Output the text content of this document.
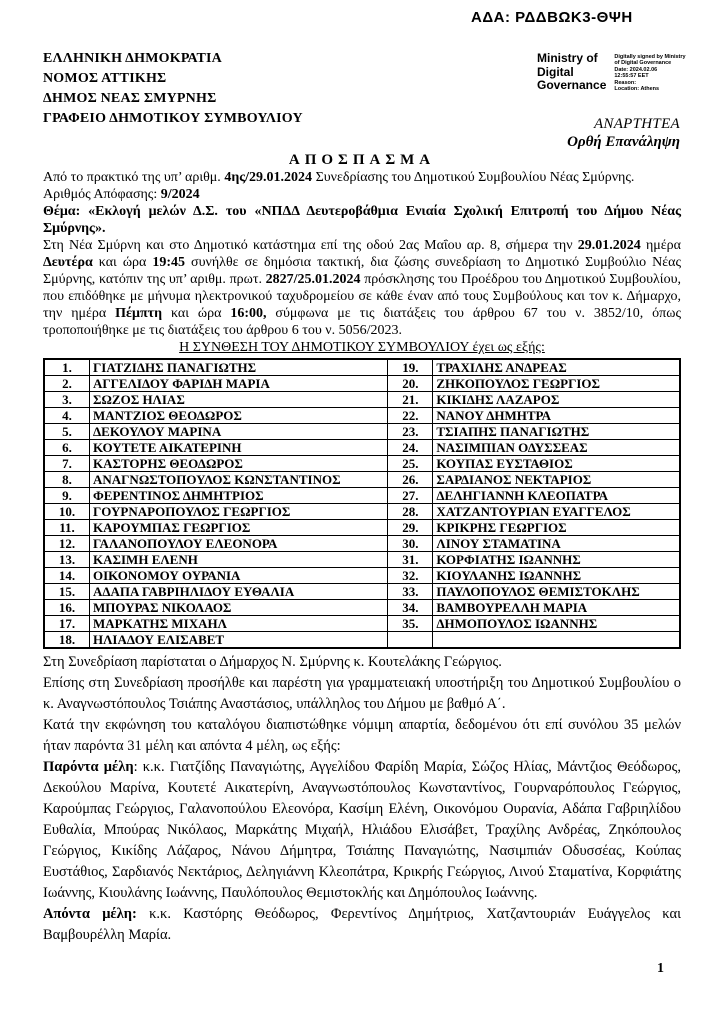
ΑΔΑ: ΡΔΔΒΩΚ3-ΘΨΗ
ΕΛΛΗΝΙΚΗ ΔΗΜΟΚΡΑΤΙΑ
ΝΟΜΟΣ ΑΤΤΙΚΗΣ
ΔΗΜΟΣ ΝΕΑΣ ΣΜΥΡΝΗΣ
ΓΡΑΦΕΙΟ ΔΗΜΟΤΙΚΟΥ ΣΥΜΒΟΥΛΙΟΥ
Ministry of
Digital
Governance
Digitally signed by Ministry
of Digital Governance
Date: 2024.02.06
12:55:57 EET
Reason:
Location: Athens
ΑΝΑΡΤΗΤΕΑ
Ορθή Επανάληψη

ΑΠΟΣΠΑΣΜΑ

Από το πρακτικό της υπ’ αριθμ. 4ης/29.01.2024 Συνεδρίασης του Δημοτικού Συμβουλίου Νέας Σμύρνης.

Αριθμός Απόφασης: 9/2024

Θέμα: «Εκλογή μελών Δ.Σ. του «ΝΠΔΔ Δευτεροβάθμια Ενιαία Σχολική Επιτροπή του Δήμου Νέας Σμύρνης».

Στη Νέα Σμύρνη και στο Δημοτικό κατάστημα επί της οδού 2ας Μαΐου αρ. 8, σήμερα την 29.01.2024 ημέρα Δευτέρα και ώρα 19:45 συνήλθε σε δημόσια τακτική, δια ζώσης συνεδρίαση το Δημοτικό Συμβούλιο Νέας Σμύρνης, κατόπιν της υπ’ αριθμ. πρωτ. 2827/25.01.2024 πρόσκλησης του Προέδρου του Δημοτικού Συμβουλίου, που επιδόθηκε με μήνυμα ηλεκτρονικού ταχυδρομείου σε κάθε έναν από τους Συμβούλους και τον κ. Δήμαρχο, την ημέρα Πέμπτη και ώρα 16:00, σύμφωνα με τις διατάξεις του άρθρου 67 του ν. 3852/10, όπως τροποποιήθηκε με τις διατάξεις του άρθρου 6 του ν. 5056/2023.

Η ΣΥΝΘΕΣΗ ΤΟΥ ΔΗΜΟΤΙΚΟΥ ΣΥΜΒΟΥΛΙΟΥ έχει ως εξής:

1.	ΓΙΑΤΖΙΔΗΣ ΠΑΝΑΓΙΩΤΗΣ	19.	ΤΡΑΧΙΛΗΣ ΑΝΔΡΕΑΣ
2.	ΑΓΓΕΛΙΔΟΥ ΦΑΡΙΔΗ ΜΑΡΙΑ	20.	ΖΗΚΟΠΟΥΛΟΣ ΓΕΩΡΓΙΟΣ
3.	ΣΩΖΟΣ ΗΛΙΑΣ	21.	ΚΙΚΙΔΗΣ ΛΑΖΑΡΟΣ
4.	ΜΑΝΤΖΙΟΣ ΘΕΟΔΩΡΟΣ	22.	ΝΑΝΟΥ ΔΗΜΗΤΡΑ
5.	ΔΕΚΟΥΛΟΥ ΜΑΡΙΝΑ	23.	ΤΣΙΑΠΗΣ ΠΑΝΑΓΙΩΤΗΣ
6.	ΚΟΥΤΕΤΕ ΑΙΚΑΤΕΡΙΝΗ	24.	ΝΑΣΙΜΠΙΑΝ ΟΔΥΣΣΕΑΣ
7.	ΚΑΣΤΟΡΗΣ ΘΕΟΔΩΡΟΣ	25.	ΚΟΥΠΑΣ ΕΥΣΤΑΘΙΟΣ
8.	ΑΝΑΓΝΩΣΤΟΠΟΥΛΟΣ ΚΩΝΣΤΑΝΤΙΝΟΣ	26.	ΣΑΡΔΙΑΝΟΣ ΝΕΚΤΑΡΙΟΣ
9.	ΦΕΡΕΝΤΙΝΟΣ ΔΗΜΗΤΡΙΟΣ	27.	ΔΕΛΗΓΙΑΝΝΗ ΚΛΕΟΠΑΤΡΑ
10.	ΓΟΥΡΝΑΡΟΠΟΥΛΟΣ ΓΕΩΡΓΙΟΣ	28.	ΧΑΤΖΑΝΤΟΥΡΙΑΝ ΕΥΑΓΓΕΛΟΣ
11.	ΚΑΡΟΥΜΠΑΣ ΓΕΩΡΓΙΟΣ	29.	ΚΡΙΚΡΗΣ ΓΕΩΡΓΙΟΣ
12.	ΓΑΛΑΝΟΠΟΥΛΟΥ ΕΛΕΟΝΟΡΑ	30.	ΛΙΝΟΥ ΣΤΑΜΑΤΙΝΑ
13.	ΚΑΣΙΜΗ ΕΛΕΝΗ	31.	ΚΟΡΦΙΑΤΗΣ ΙΩΑΝΝΗΣ
14.	ΟΙΚΟΝΟΜΟΥ ΟΥΡΑΝΙΑ	32.	ΚΙΟΥΛΑΝΗΣ ΙΩΑΝΝΗΣ
15.	ΑΔΑΠΑ ΓΑΒΡΙΗΛΙΔΟΥ ΕΥΘΑΛΙΑ	33.	ΠΑΥΛΟΠΟΥΛΟΣ ΘΕΜΙΣΤΟΚΛΗΣ
16.	ΜΠΟΥΡΑΣ ΝΙΚΟΛΑΟΣ	34.	ΒΑΜΒΟΥΡΕΛΛΗ ΜΑΡΙΑ
17.	ΜΑΡΚΑΤΗΣ ΜΙΧΑΗΛ	35.	ΔΗΜΟΠΟΥΛΟΣ ΙΩΑΝΝΗΣ
18.	ΗΛΙΑΔΟΥ ΕΛΙΣΑΒΕΤ		

Στη Συνεδρίαση παρίσταται ο Δήμαρχος Ν. Σμύρνης κ. Κουτελάκης Γεώργιος.

Επίσης στη Συνεδρίαση προσήλθε και παρέστη για γραμματειακή υποστήριξη του Δημοτικού Συμβουλίου ο κ. Αναγνωστόπουλος Τσιάπης Αναστάσιος, υπάλληλος του Δήμου με βαθμό Α΄.

Κατά την εκφώνηση του καταλόγου διαπιστώθηκε νόμιμη απαρτία, δεδομένου ότι επί συνόλου 35 μελών ήταν παρόντα 31 μέλη και απόντα 4 μέλη, ως εξής:

Παρόντα μέλη: κ.κ. Γιατζίδης Παναγιώτης, Αγγελίδου Φαρίδη Μαρία, Σώζος Ηλίας, Μάντζιος Θεόδωρος, Δεκούλου Μαρίνα, Κουτετέ Αικατερίνη, Αναγνωστόπουλος Κωνσταντίνος, Γουρναρόπουλος Γεώργιος, Καρούμπας Γεώργιος, Γαλανοπούλου Ελεονόρα, Κασίμη Ελένη, Οικονόμου Ουρανία, Αδάπα Γαβριηλίδου Ευθαλία, Μπούρας Νικόλαος, Μαρκάτης Μιχαήλ, Ηλιάδου Ελισάβετ, Τραχίλης Ανδρέας, Ζηκόπουλος Γεώργιος, Κικίδης Λάζαρος, Νάνου Δήμητρα, Τσιάπης Παναγιώτης, Νασιμπιάν Οδυσσέας, Κούπας Ευστάθιος, Σαρδιανός Νεκτάριος, Δεληγιάννη Κλεοπάτρα, Κρικρής Γεώργιος, Λινού Σταματίνα, Κορφιάτης Ιωάννης, Κιουλάνης Ιωάννης, Παυλόπουλος Θεμιστοκλής και Δημόπουλος Ιωάννης.

Απόντα μέλη: κ.κ. Καστόρης Θεόδωρος, Φερεντίνος Δημήτριος, Χατζαντουριάν Ευάγγελος και Βαμβουρέλλη Μαρία.

1
